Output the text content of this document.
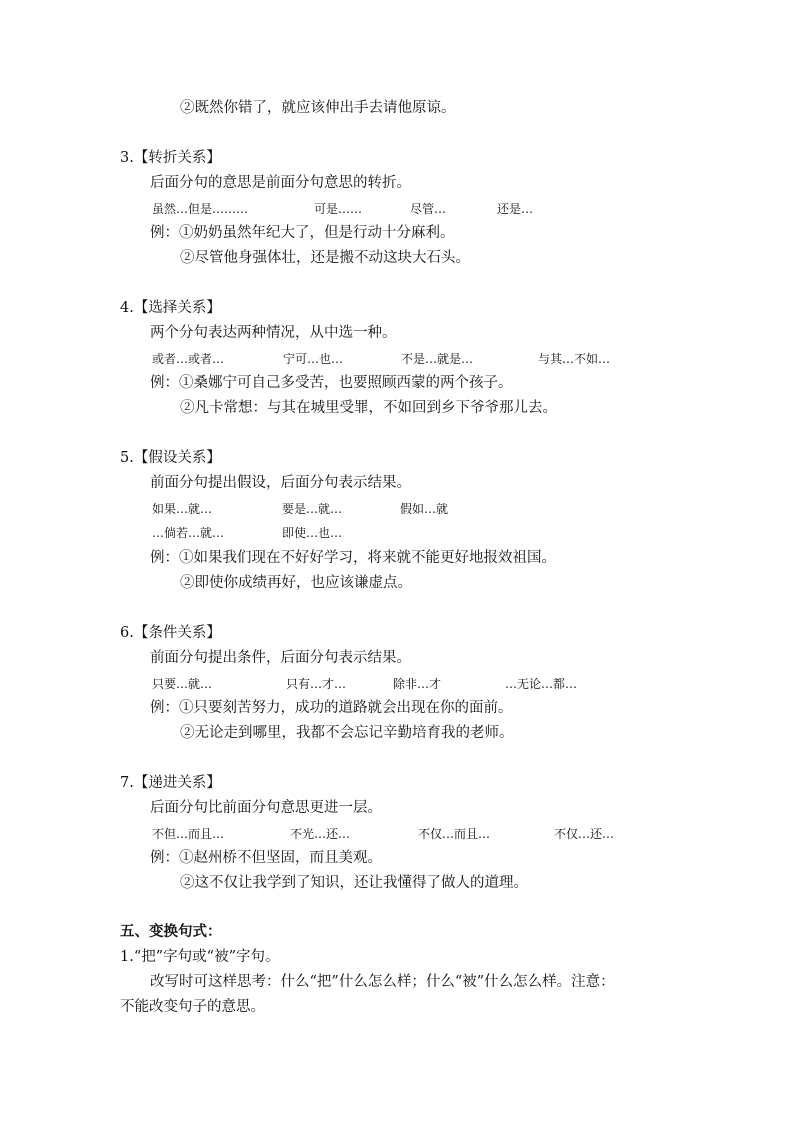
②既然你错了，就应该伸出手去请他原谅。
3.【转折关系】
后面分句的意思是前面分句意思的转折。
虽然…但是………	可是……	尽管…	还是…
例：①奶奶虽然年纪大了，但是行动十分麻利。
②尽管他身强体壮，还是搬不动这块大石头。
4.【选择关系】
两个分句表达两种情况，从中选一种。
或者…或者…	宁可…也…	不是…就是…	与其…不如…
例：①桑娜宁可自己多受苦，也要照顾西蒙的两个孩子。
②凡卡常想：与其在城里受罪，不如回到乡下爷爷那儿去。
5.【假设关系】
前面分句提出假设，后面分句表示结果。
如果…就…	要是…就…	假如…就
…倘若…就…	即使…也…
例：①如果我们现在不好好学习，将来就不能更好地报效祖国。
②即使你成绩再好，也应该谦虚点。
6.【条件关系】
前面分句提出条件，后面分句表示结果。
只要…就…	只有…才…	除非…才	…无论…都…
例：①只要刻苦努力，成功的道路就会出现在你的面前。
②无论走到哪里，我都不会忘记辛勤培育我的老师。
7.【递进关系】
后面分句比前面分句意思更进一层。
不但…而且…	不光…还…	不仅…而且…	不仅…还…
例：①赵州桥不但坚固，而且美观。
②这不仅让我学到了知识，还让我懂得了做人的道理。
五、变换句式：
1.“把”字句或“被”字句。
改写时可这样思考：什么“把”什么怎么样；什么“被”什么怎么样。注意：
不能改变句子的意思。
